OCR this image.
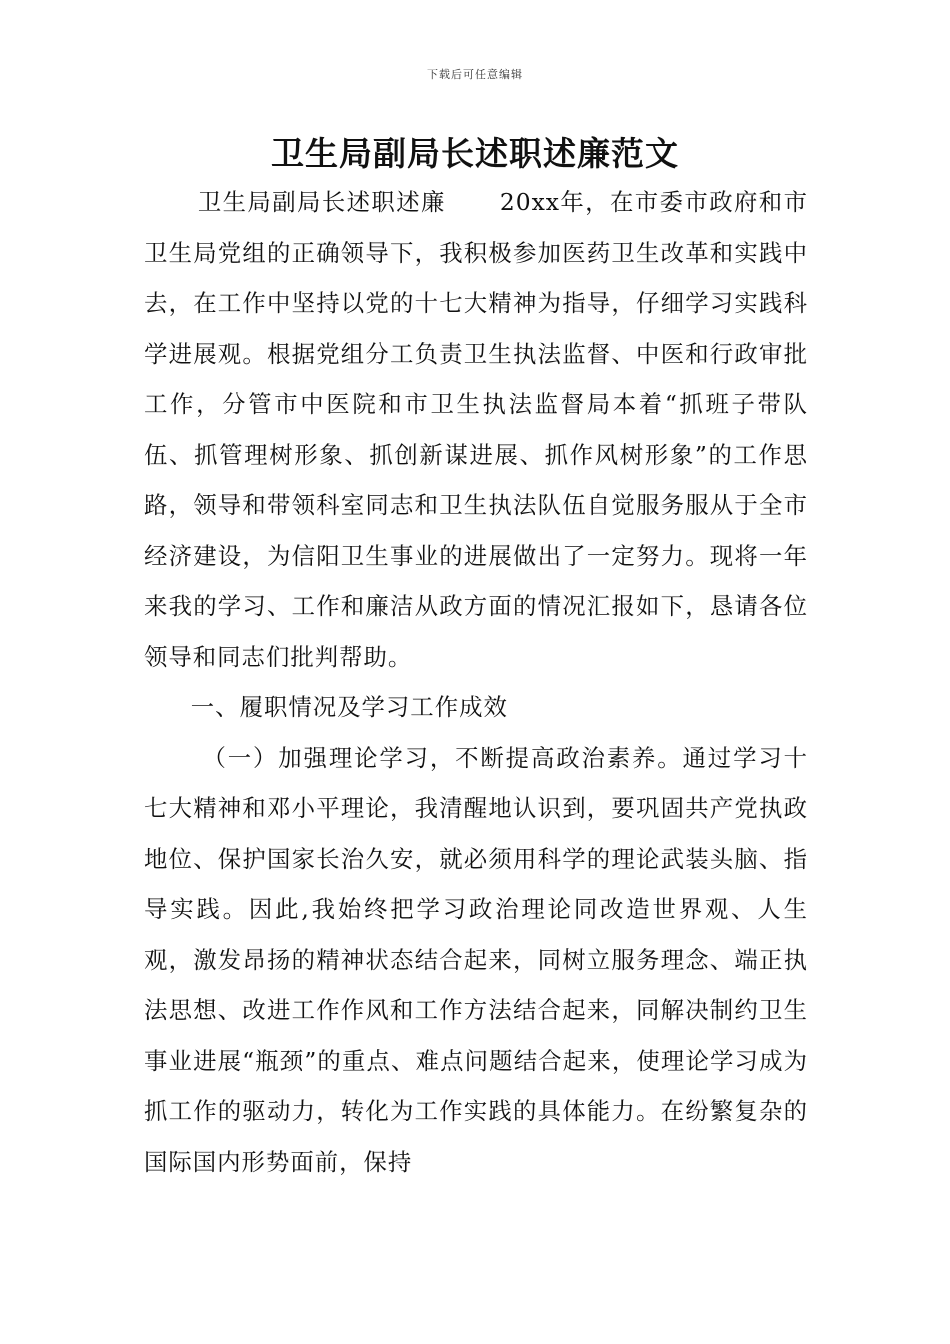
下载后可任意编辑
卫生局副局长述职述廉范文

卫生局副局长述职述廉 20xx年，在市委市政府和市卫生局党组的正确领导下，我积极参加医药卫生改革和实践中去，在工作中坚持以党的十七大精神为指导，仔细学习实践科学进展观。根据党组分工负责卫生执法监督、中医和行政审批工作，分管市中医院和市卫生执法监督局本着“抓班子带队伍、抓管理树形象、抓创新谋进展、抓作风树形象”的工作思路，领导和带领科室同志和卫生执法队伍自觉服务服从于全市经济建设，为信阳卫生事业的进展做出了一定努力。现将一年来我的学习、工作和廉洁从政方面的情况汇报如下，恳请各位领导和同志们批判帮助。

一、履职情况及学习工作成效

（一）加强理论学习，不断提高政治素养。通过学习十七大精神和邓小平理论，我清醒地认识到，要巩固共产党执政地位、保护国家长治久安，就必须用科学的理论武装头脑、指导实践。因此,我始终把学习政治理论同改造世界观、人生观，激发昂扬的精神状态结合起来，同树立服务理念、端正执法思想、改进工作作风和工作方法结合起来，同解决制约卫生事业进展“瓶颈”的重点、难点问题结合起来，使理论学习成为抓工作的驱动力，转化为工作实践的具体能力。在纷繁复杂的国际国内形势面前，保持
